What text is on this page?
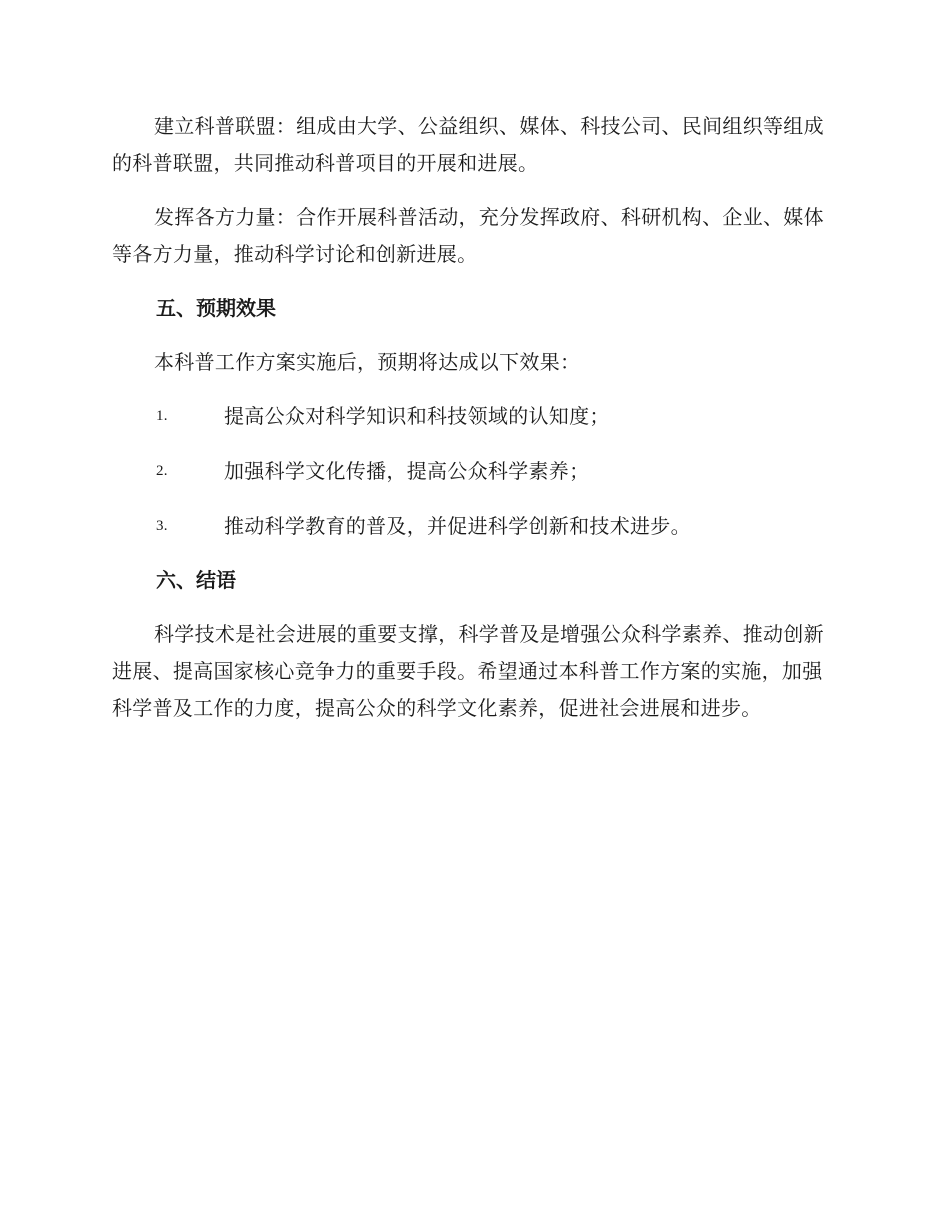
建立科普联盟：组成由大学、公益组织、媒体、科技公司、民间组织等组成的科普联盟，共同推动科普项目的开展和进展。

发挥各方力量：合作开展科普活动，充分发挥政府、科研机构、企业、媒体等各方力量，推动科学讨论和创新进展。

五、预期效果

本科普工作方案实施后，预期将达成以下效果：

1.	提高公众对科学知识和科技领域的认知度；
2.	加强科学文化传播，提高公众科学素养；
3.	推动科学教育的普及，并促进科学创新和技术进步。
六、结语

科学技术是社会进展的重要支撑，科学普及是增强公众科学素养、推动创新进展、提高国家核心竞争力的重要手段。希望通过本科普工作方案的实施，加强科学普及工作的力度，提高公众的科学文化素养，促进社会进展和进步。
